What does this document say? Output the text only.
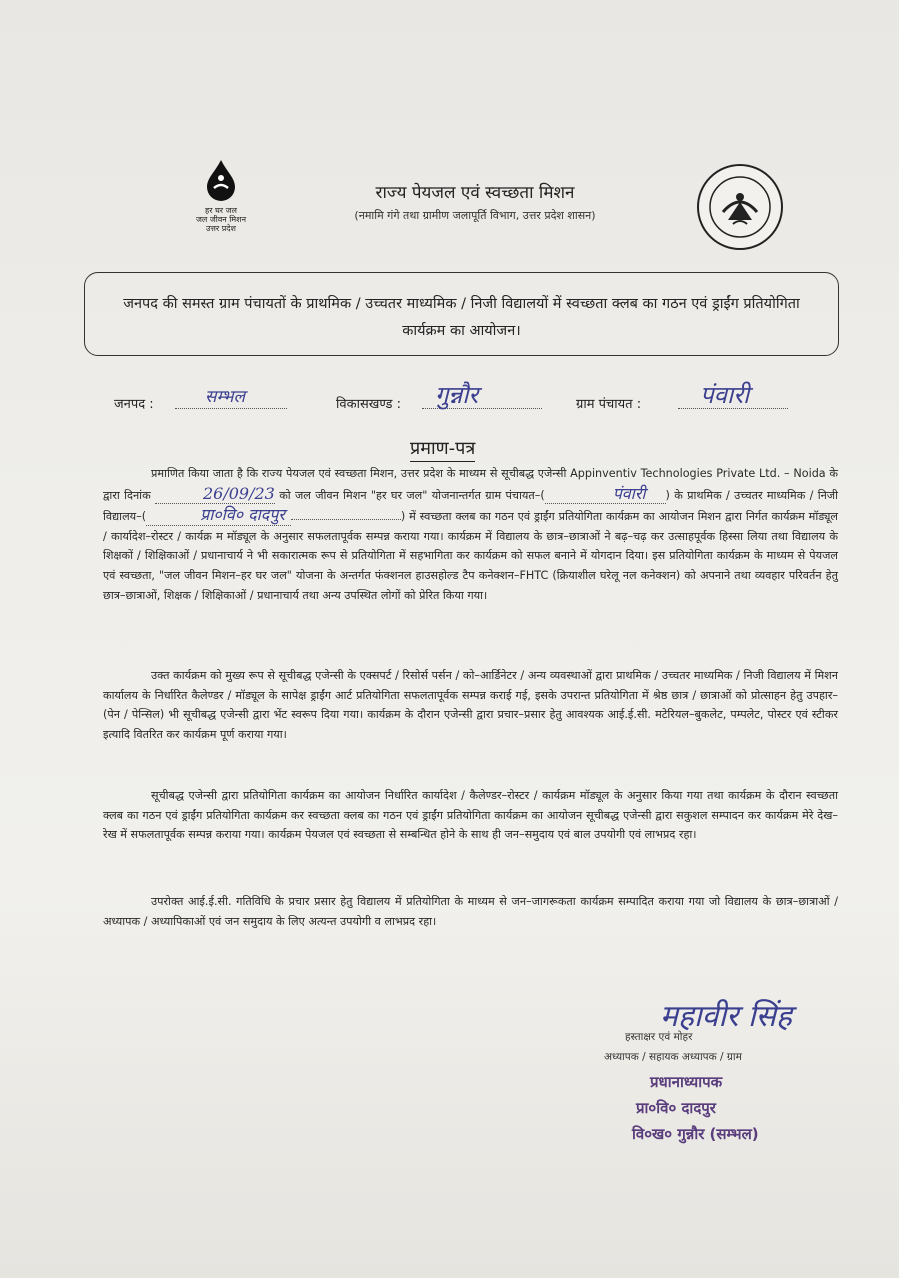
हर घर जल
जल जीवन मिशन
उत्तर प्रदेश
राज्य पेयजल एवं स्वच्छता मिशन
(नमामि गंगे तथा ग्रामीण जलापूर्ति विभाग, उत्तर प्रदेश शासन)
जनपद की समस्त ग्राम पंचायतों के प्राथमिक / उच्चतर माध्यमिक / निजी विद्यालयों में स्वच्छता क्लब का गठन एवं ड्राईंग प्रतियोगिता कार्यक्रम का आयोजन।
जनपद :	सम्भल	विकासखण्ड : गुन्नौर	ग्राम पंचायत : पंवारी
प्रमाण-पत्र

प्रमाणित किया जाता है कि राज्य पेयजल एवं स्वच्छता मिशन, उत्तर प्रदेश के माध्यम से सूचीबद्ध एजेन्सी Appinventiv Technologies Private Ltd. – Noida के द्वारा दिनांक	26/09/23 को जल जीवन मिशन "हर घर जल" योजनान्तर्गत ग्राम पंचायत–(	पंवारी ) के प्राथमिक / उच्चतर माध्यमिक / निजी विद्यालय–(	प्रा०वि० दादपुर	) में स्वच्छता क्लब का गठन एवं ड्राईंग प्रतियोगिता कार्यक्रम का आयोजन मिशन द्वारा निर्गत कार्यक्रम मॉड्यूल / कार्यादेश–रोस्टर / कार्यक्र म मॉड्यूल के अनुसार सफलतापूर्वक सम्पन्न कराया गया। कार्यक्रम में विद्यालय के छात्र–छात्राओं ने बढ़–चढ़ कर उत्साहपूर्वक हिस्सा लिया तथा विद्यालय के शिक्षकों / शिक्षिकाओं / प्रधानाचार्य ने भी सकारात्मक रूप से प्रतियोगिता में सहभागिता कर कार्यक्रम को सफल बनाने में योगदान दिया। इस प्रतियोगिता कार्यक्रम के माध्यम से पेयजल एवं स्वच्छता, "जल जीवन मिशन–हर घर जल" योजना के अन्तर्गत फंक्शनल हाउसहोल्ड टैप कनेक्शन–FHTC (क्रियाशील घरेलू नल कनेक्शन) को अपनाने तथा व्यवहार परिवर्तन हेतु छात्र–छात्राओं, शिक्षक / शिक्षिकाओं / प्रधानाचार्य तथा अन्य उपस्थित लोगों को प्रेरित किया गया।

उक्त कार्यक्रम को मुख्य रूप से सूचीबद्ध एजेन्सी के एक्सपर्ट / रिसोर्स पर्सन / को–आर्डिनेटर / अन्य व्यवस्थाओं द्वारा प्राथमिक / उच्चतर माध्यमिक / निजी विद्यालय में मिशन कार्यालय के निर्धारित कैलेण्डर / मॉड्यूल के सापेक्ष ड्राईंग आर्ट प्रतियोगिता सफलतापूर्वक सम्पन्न कराई गई, इसके उपरान्त प्रतियोगिता में श्रेष्ठ छात्र / छात्राओं को प्रोत्साहन हेतु उपहार–(पेन / पेन्सिल) भी सूचीबद्ध एजेन्सी द्वारा भेंट स्वरूप दिया गया। कार्यक्रम के दौरान एजेन्सी द्वारा प्रचार–प्रसार हेतु आवश्यक आई.ई.सी. मटेरियल–बुकलेट, पम्पलेट, पोस्टर एवं स्टीकर इत्यादि वितरित कर कार्यक्रम पूर्ण कराया गया।

सूचीबद्ध एजेन्सी द्वारा प्रतियोगिता कार्यक्रम का आयोजन निर्धारित कार्यादेश / कैलेण्डर–रोस्टर / कार्यक्रम मॉड्यूल के अनुसार किया गया तथा कार्यक्रम के दौरान स्वच्छता क्लब का गठन एवं ड्राईंग प्रतियोगिता कार्यक्रम कर स्वच्छता क्लब का गठन एवं ड्राईंग प्रतियोगिता कार्यक्रम का आयोजन सूचीबद्ध एजेन्सी द्वारा सकुशल सम्पादन कर कार्यक्रम मेरे देख–रेख में सफलतापूर्वक सम्पन्न कराया गया। कार्यक्रम पेयजल एवं स्वच्छता से सम्बन्धित होने के साथ ही जन–समुदाय एवं बाल उपयोगी एवं लाभप्रद रहा।

उपरोक्त आई.ई.सी. गतिविधि के प्रचार प्रसार हेतु विद्यालय में प्रतियोगिता के माध्यम से जन–जागरूकता कार्यक्रम सम्पादित कराया गया जो विद्यालय के छात्र–छात्राओं / अध्यापक / अध्यापिकाओं एवं जन समुदाय के लिए अत्यन्त उपयोगी व लाभप्रद रहा।

महावीर सिंह
हस्ताक्षर एवं मोहर
अध्यापक / सहायक अध्यापक / ग्राम
प्रधानाध्यापक
प्रा०वि० दादपुर
वि०ख० गुन्नौर (सम्भल)
